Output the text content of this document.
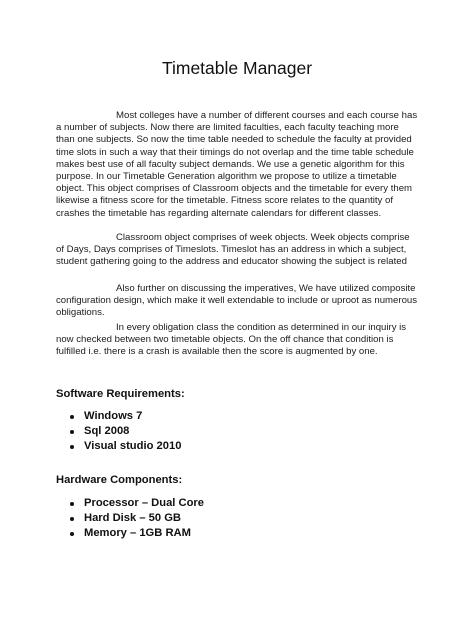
Timetable Manager

Most colleges have a number of different courses and each course has a number of subjects. Now there are limited faculties, each faculty teaching more than one subjects. So now the time table needed to schedule the faculty at provided time slots in such a way that their timings do not overlap and the time table schedule makes best use of all faculty subject demands. We use a genetic algorithm for this purpose. In our Timetable Generation algorithm we propose to utilize a timetable object. This object comprises of Classroom objects and the timetable for every them likewise a fitness score for the timetable. Fitness score relates to the quantity of crashes the timetable has regarding alternate calendars for different classes.

Classroom object comprises of week objects. Week objects comprise of Days, Days comprises of Timeslots. Timeslot has an address in which a subject, student gathering going to the address and educator showing the subject is related

Also further on discussing the imperatives, We have utilized composite configuration design, which make it well extendable to include or uproot as numerous obligations.

In every obligation class the condition as determined in our inquiry is now checked between two timetable objects. On the off chance that condition is fulfilled i.e. there is a crash is available then the score is augmented by one.

Software Requirements:
Windows 7
Sql 2008
Visual studio 2010
Hardware Components:
Processor – Dual Core
Hard Disk – 50 GB
Memory – 1GB RAM
